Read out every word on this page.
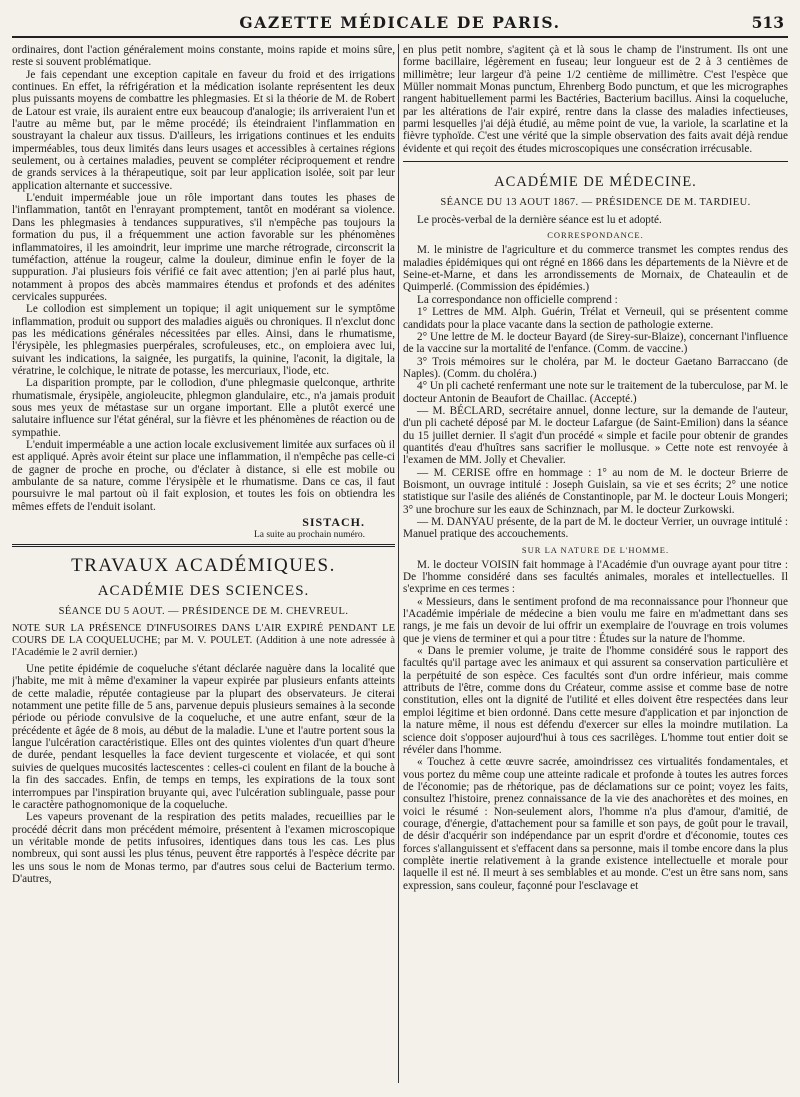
GAZETTE MÉDICALE DE PARIS.	513

ordinaires, dont l'action généralement moins constante, moins rapide et moins sûre, reste si souvent problématique.

Je fais cependant une exception capitale en faveur du froid et des irrigations continues. En effet, la réfrigération et la médication isolante représentent les deux plus puissants moyens de combattre les phlegmasies. Et si la théorie de M. de Robert de Latour est vraie, ils auraient entre eux beaucoup d'analogie; ils arriveraient l'un et l'autre au même but, par le même procédé; ils éteindraient l'inflammation en soustrayant la chaleur aux tissus. D'ailleurs, les irrigations continues et les enduits imperméables, tous deux limités dans leurs usages et accessibles à certaines régions seulement, ou à certaines maladies, peuvent se compléter réciproquement et rendre de grands services à la thérapeutique, soit par leur application isolée, soit par leur application alternante et successive.

L'enduit imperméable joue un rôle important dans toutes les phases de l'inflammation, tantôt en l'enrayant promptement, tantôt en modérant sa violence. Dans les phlegmasies à tendances suppuratives, s'il n'empêche pas toujours la formation du pus, il a fréquemment une action favorable sur les phénomènes inflammatoires, il les amoindrit, leur imprime une marche rétrograde, circonscrit la tuméfaction, atténue la rougeur, calme la douleur, diminue enfin le foyer de la suppuration. J'ai plusieurs fois vérifié ce fait avec attention; j'en ai parlé plus haut, notamment à propos des abcès mammaires étendus et profonds et des adénites cervicales suppurées.

Le collodion est simplement un topique; il agit uniquement sur le symptôme inflammation, produit ou support des maladies aiguës ou chroniques. Il n'exclut donc pas les médications générales nécessitées par elles. Ainsi, dans le rhumatisme, l'érysipèle, les phlegmasies puerpérales, scrofuleuses, etc., on emploiera avec lui, suivant les indications, la saignée, les purgatifs, la quinine, l'aconit, la digitale, la vératrine, le colchique, le nitrate de potasse, les mercuriaux, l'iode, etc.

La disparition prompte, par le collodion, d'une phlegmasie quelconque, arthrite rhumatismale, érysipèle, angioleucite, phlegmon glandulaire, etc., n'a jamais produit sous mes yeux de métastase sur un organe important. Elle a plutôt exercé une salutaire influence sur l'état général, sur la fièvre et les phénomènes de réaction ou de sympathie.

L'enduit imperméable a une action locale exclusivement limitée aux surfaces où il est appliqué. Après avoir éteint sur place une inflammation, il n'empêche pas celle-ci de gagner de proche en proche, ou d'éclater à distance, si elle est mobile ou ambulante de sa nature, comme l'érysipèle et le rhumatisme. Dans ce cas, il faut poursuivre le mal partout où il fait explosion, et toutes les fois on obtiendra les mêmes effets de l'enduit isolant.

SISTACH.
La suite au prochain numéro.
TRAVAUX ACADÉMIQUES.
ACADÉMIE DES SCIENCES.
SÉANCE DU 5 AOUT. — PRÉSIDENCE DE M. CHEVREUL.
NOTE SUR LA PRÉSENCE D'INFUSOIRES DANS L'AIR EXPIRÉ PENDANT LE COURS DE LA COQUELUCHE; par M. V. POULET. (Addition à une note adressée à l'Académie le 2 avril dernier.)

Une petite épidémie de coqueluche s'étant déclarée naguère dans la localité que j'habite, me mit à même d'examiner la vapeur expirée par plusieurs enfants atteints de cette maladie, réputée contagieuse par la plupart des observateurs. Je citerai notamment une petite fille de 5 ans, parvenue depuis plusieurs semaines à la seconde période ou période convulsive de la coqueluche, et une autre enfant, sœur de la précédente et âgée de 8 mois, au début de la maladie. L'une et l'autre portent sous la langue l'ulcération caractéristique. Elles ont des quintes violentes d'un quart d'heure de durée, pendant lesquelles la face devient turgescente et violacée, et qui sont suivies de quelques mucosités lactescentes : celles-ci coulent en filant de la bouche à la fin des saccades. Enfin, de temps en temps, les expirations de la toux sont interrompues par l'inspiration bruyante qui, avec l'ulcération sublinguale, passe pour le caractère pathognomonique de la coqueluche.

Les vapeurs provenant de la respiration des petits malades, recueillies par le procédé décrit dans mon précédent mémoire, présentent à l'examen microscopique un véritable monde de petits infusoires, identiques dans tous les cas. Les plus nombreux, qui sont aussi les plus ténus, peuvent être rapportés à l'espèce décrite par les uns sous le nom de Monas termo, par d'autres sous celui de Bacterium termo. D'autres,

en plus petit nombre, s'agitent çà et là sous le champ de l'instrument. Ils ont une forme bacillaire, légèrement en fuseau; leur longueur est de 2 à 3 centièmes de millimètre; leur largeur d'à peine 1/2 centième de millimètre. C'est l'espèce que Müller nommait Monas punctum, Ehrenberg Bodo punctum, et que les micrographes rangent habituellement parmi les Bactéries, Bacterium bacillus. Ainsi la coqueluche, par les altérations de l'air expiré, rentre dans la classe des maladies infectieuses, parmi lesquelles j'ai déjà étudié, au même point de vue, la variole, la scarlatine et la fièvre typhoïde. C'est une vérité que la simple observation des faits avait déjà rendue évidente et qui reçoit des études microscopiques une consécration irrécusable.

ACADÉMIE DE MÉDECINE.
SÉANCE DU 13 AOUT 1867. — PRÉSIDENCE DE M. TARDIEU.

Le procès-verbal de la dernière séance est lu et adopté.

CORRESPONDANCE.

M. le ministre de l'agriculture et du commerce transmet les comptes rendus des maladies épidémiques qui ont régné en 1866 dans les départements de la Nièvre et de Seine-et-Marne, et dans les arrondissements de Mornaix, de Chateaulin et de Quimperlé. (Commission des épidémies.)

La correspondance non officielle comprend :

1° Lettres de MM. Alph. Guérin, Trélat et Verneuil, qui se présentent comme candidats pour la place vacante dans la section de pathologie externe.

2° Une lettre de M. le docteur Bayard (de Sirey-sur-Blaize), concernant l'influence de la vaccine sur la mortalité de l'enfance. (Comm. de vaccine.)

3° Trois mémoires sur le choléra, par M. le docteur Gaetano Barraccano (de Naples). (Comm. du choléra.)

4° Un pli cacheté renfermant une note sur le traitement de la tuberculose, par M. le docteur Antonin de Beaufort de Chaillac. (Accepté.)

— M. BÉCLARD, secrétaire annuel, donne lecture, sur la demande de l'auteur, d'un pli cacheté déposé par M. le docteur Lafargue (de Saint-Emilion) dans la séance du 15 juillet dernier. Il s'agit d'un procédé « simple et facile pour obtenir de grandes quantités d'eau d'huîtres sans sacrifier le mollusque. » Cette note est renvoyée à l'examen de MM. Jolly et Chevalier.

— M. CERISE offre en hommage : 1° au nom de M. le docteur Brierre de Boismont, un ouvrage intitulé : Joseph Guislain, sa vie et ses écrits; 2° une notice statistique sur l'asile des aliénés de Constantinople, par M. le docteur Louis Mongeri; 3° une brochure sur les eaux de Schinznach, par M. le docteur Zurkowski.

— M. DANYAU présente, de la part de M. le docteur Verrier, un ouvrage intitulé : Manuel pratique des accouchements.

SUR LA NATURE DE L'HOMME.

M. le docteur VOISIN fait hommage à l'Académie d'un ouvrage ayant pour titre : De l'homme considéré dans ses facultés animales, morales et intellectuelles. Il s'exprime en ces termes :

« Messieurs, dans le sentiment profond de ma reconnaissance pour l'honneur que l'Académie impériale de médecine a bien voulu me faire en m'admettant dans ses rangs, je me fais un devoir de lui offrir un exemplaire de l'ouvrage en trois volumes que je viens de terminer et qui a pour titre : Études sur la nature de l'homme.

« Dans le premier volume, je traite de l'homme considéré sous le rapport des facultés qu'il partage avec les animaux et qui assurent sa conservation particulière et la perpétuité de son espèce. Ces facultés sont d'un ordre inférieur, mais comme attributs de l'être, comme dons du Créateur, comme assise et comme base de notre constitution, elles ont la dignité de l'utilité et elles doivent être respectées dans leur emploi légitime et bien ordonné. Dans cette mesure d'application et par injonction de la nature même, il nous est défendu d'exercer sur elles la moindre mutilation. La science doit s'opposer aujourd'hui à tous ces sacrilèges. L'homme tout entier doit se révéler dans l'homme.

« Touchez à cette œuvre sacrée, amoindrissez ces virtualités fondamentales, et vous portez du même coup une atteinte radicale et profonde à toutes les autres forces de l'économie; pas de rhétorique, pas de déclamations sur ce point; voyez les faits, consultez l'histoire, prenez connaissance de la vie des anachorètes et des moines, en voici le résumé : Non-seulement alors, l'homme n'a plus d'amour, d'amitié, de courage, d'énergie, d'attachement pour sa famille et son pays, de goût pour le travail, de désir d'acquérir son indépendance par un esprit d'ordre et d'économie, toutes ces forces s'allanguissent et s'effacent dans sa personne, mais il tombe encore dans la plus complète inertie relativement à la grande existence intellectuelle et morale pour laquelle il est né. Il meurt à ses semblables et au monde. C'est un être sans nom, sans expression, sans couleur, façonné pour l'esclavage et
